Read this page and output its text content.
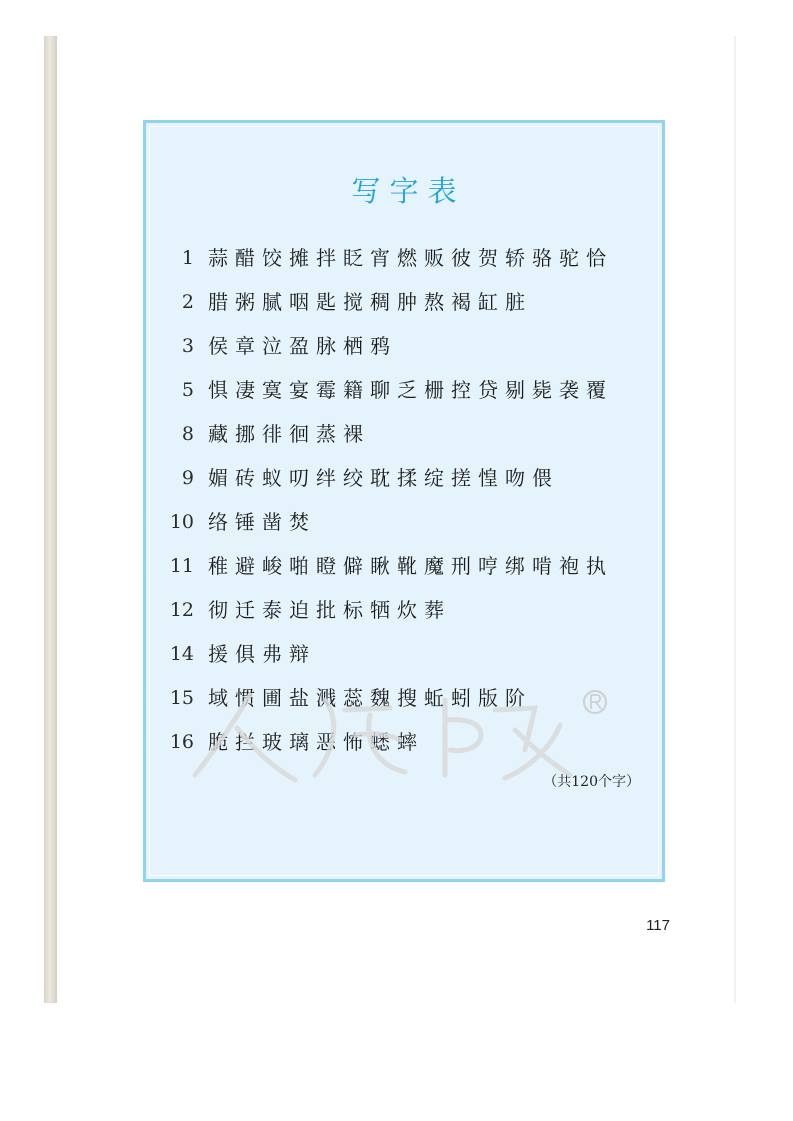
写字表
1 蒜醋饺摊拌眨宵燃贩彼贺轿骆驼恰
2 腊粥腻咽匙搅稠肿熬褐缸脏
3 侯章泣盈脉栖鸦
5 惧凄寞宴霉籍聊乏栅控贷剔毙袭覆
8 藏挪徘徊蒸裸
9 媚砖蚁叨绊绞耽揉绽搓惶吻偎
10 络锤凿焚
11 稚避峻啪瞪僻瞅靴魔刑哼绑啃袍执
12 彻迁泰迫批标牺炊葬
14 援俱弗辩
15 域惯圃盐溅蕊魏搜蚯蚓版阶
16 脆拦玻璃恶怖蟋蟀
（共120个字）
117
